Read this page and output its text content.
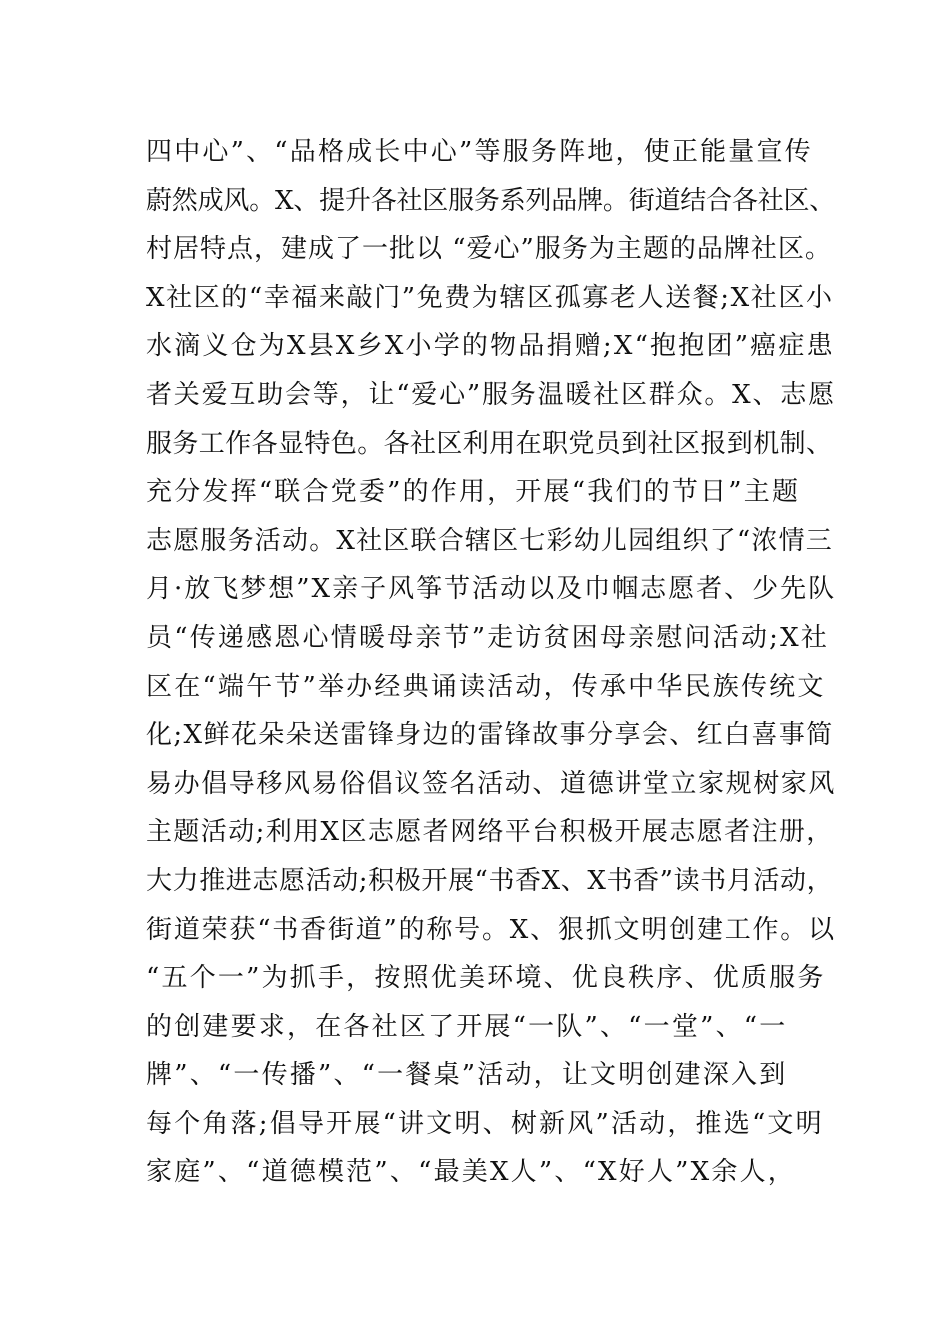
四中心”、“品格成长中心”等服务阵地，使正能量宣传
蔚然成风。X、提升各社区服务系列品牌。街道结合各社区、
村居特点，建成了一批以 “爱心”服务为主题的品牌社区。
X社区的“幸福来敲门”免费为辖区孤寡老人送餐;X社区小
水滴义仓为X县X乡X小学的物品捐赠;X“抱抱团”癌症患
者关爱互助会等，让“爱心”服务温暖社区群众。X、志愿
服务工作各显特色。各社区利用在职党员到社区报到机制、
充分发挥“联合党委”的作用，开展“我们的节日”主题
志愿服务活动。X社区联合辖区七彩幼儿园组织了“浓情三
月·放飞梦想”X亲子风筝节活动以及巾帼志愿者、少先队
员“传递感恩心情暖母亲节”走访贫困母亲慰问活动;X社
区在“端午节”举办经典诵读活动，传承中华民族传统文
化;X鲜花朵朵送雷锋身边的雷锋故事分享会、红白喜事简
易办倡导移风易俗倡议签名活动、道德讲堂立家规树家风
主题活动;利用X区志愿者网络平台积极开展志愿者注册，
大力推进志愿活动;积极开展“书香X、X书香”读书月活动，
街道荣获“书香街道”的称号。X、狠抓文明创建工作。以
“五个一”为抓手，按照优美环境、优良秩序、优质服务
的创建要求，在各社区了开展“一队”、“一堂”、“一
牌”、“一传播”、“一餐桌”活动，让文明创建深入到
每个角落;倡导开展“讲文明、树新风”活动，推选“文明
家庭”、“道德模范”、“最美X人”、“X好人”X余人，
